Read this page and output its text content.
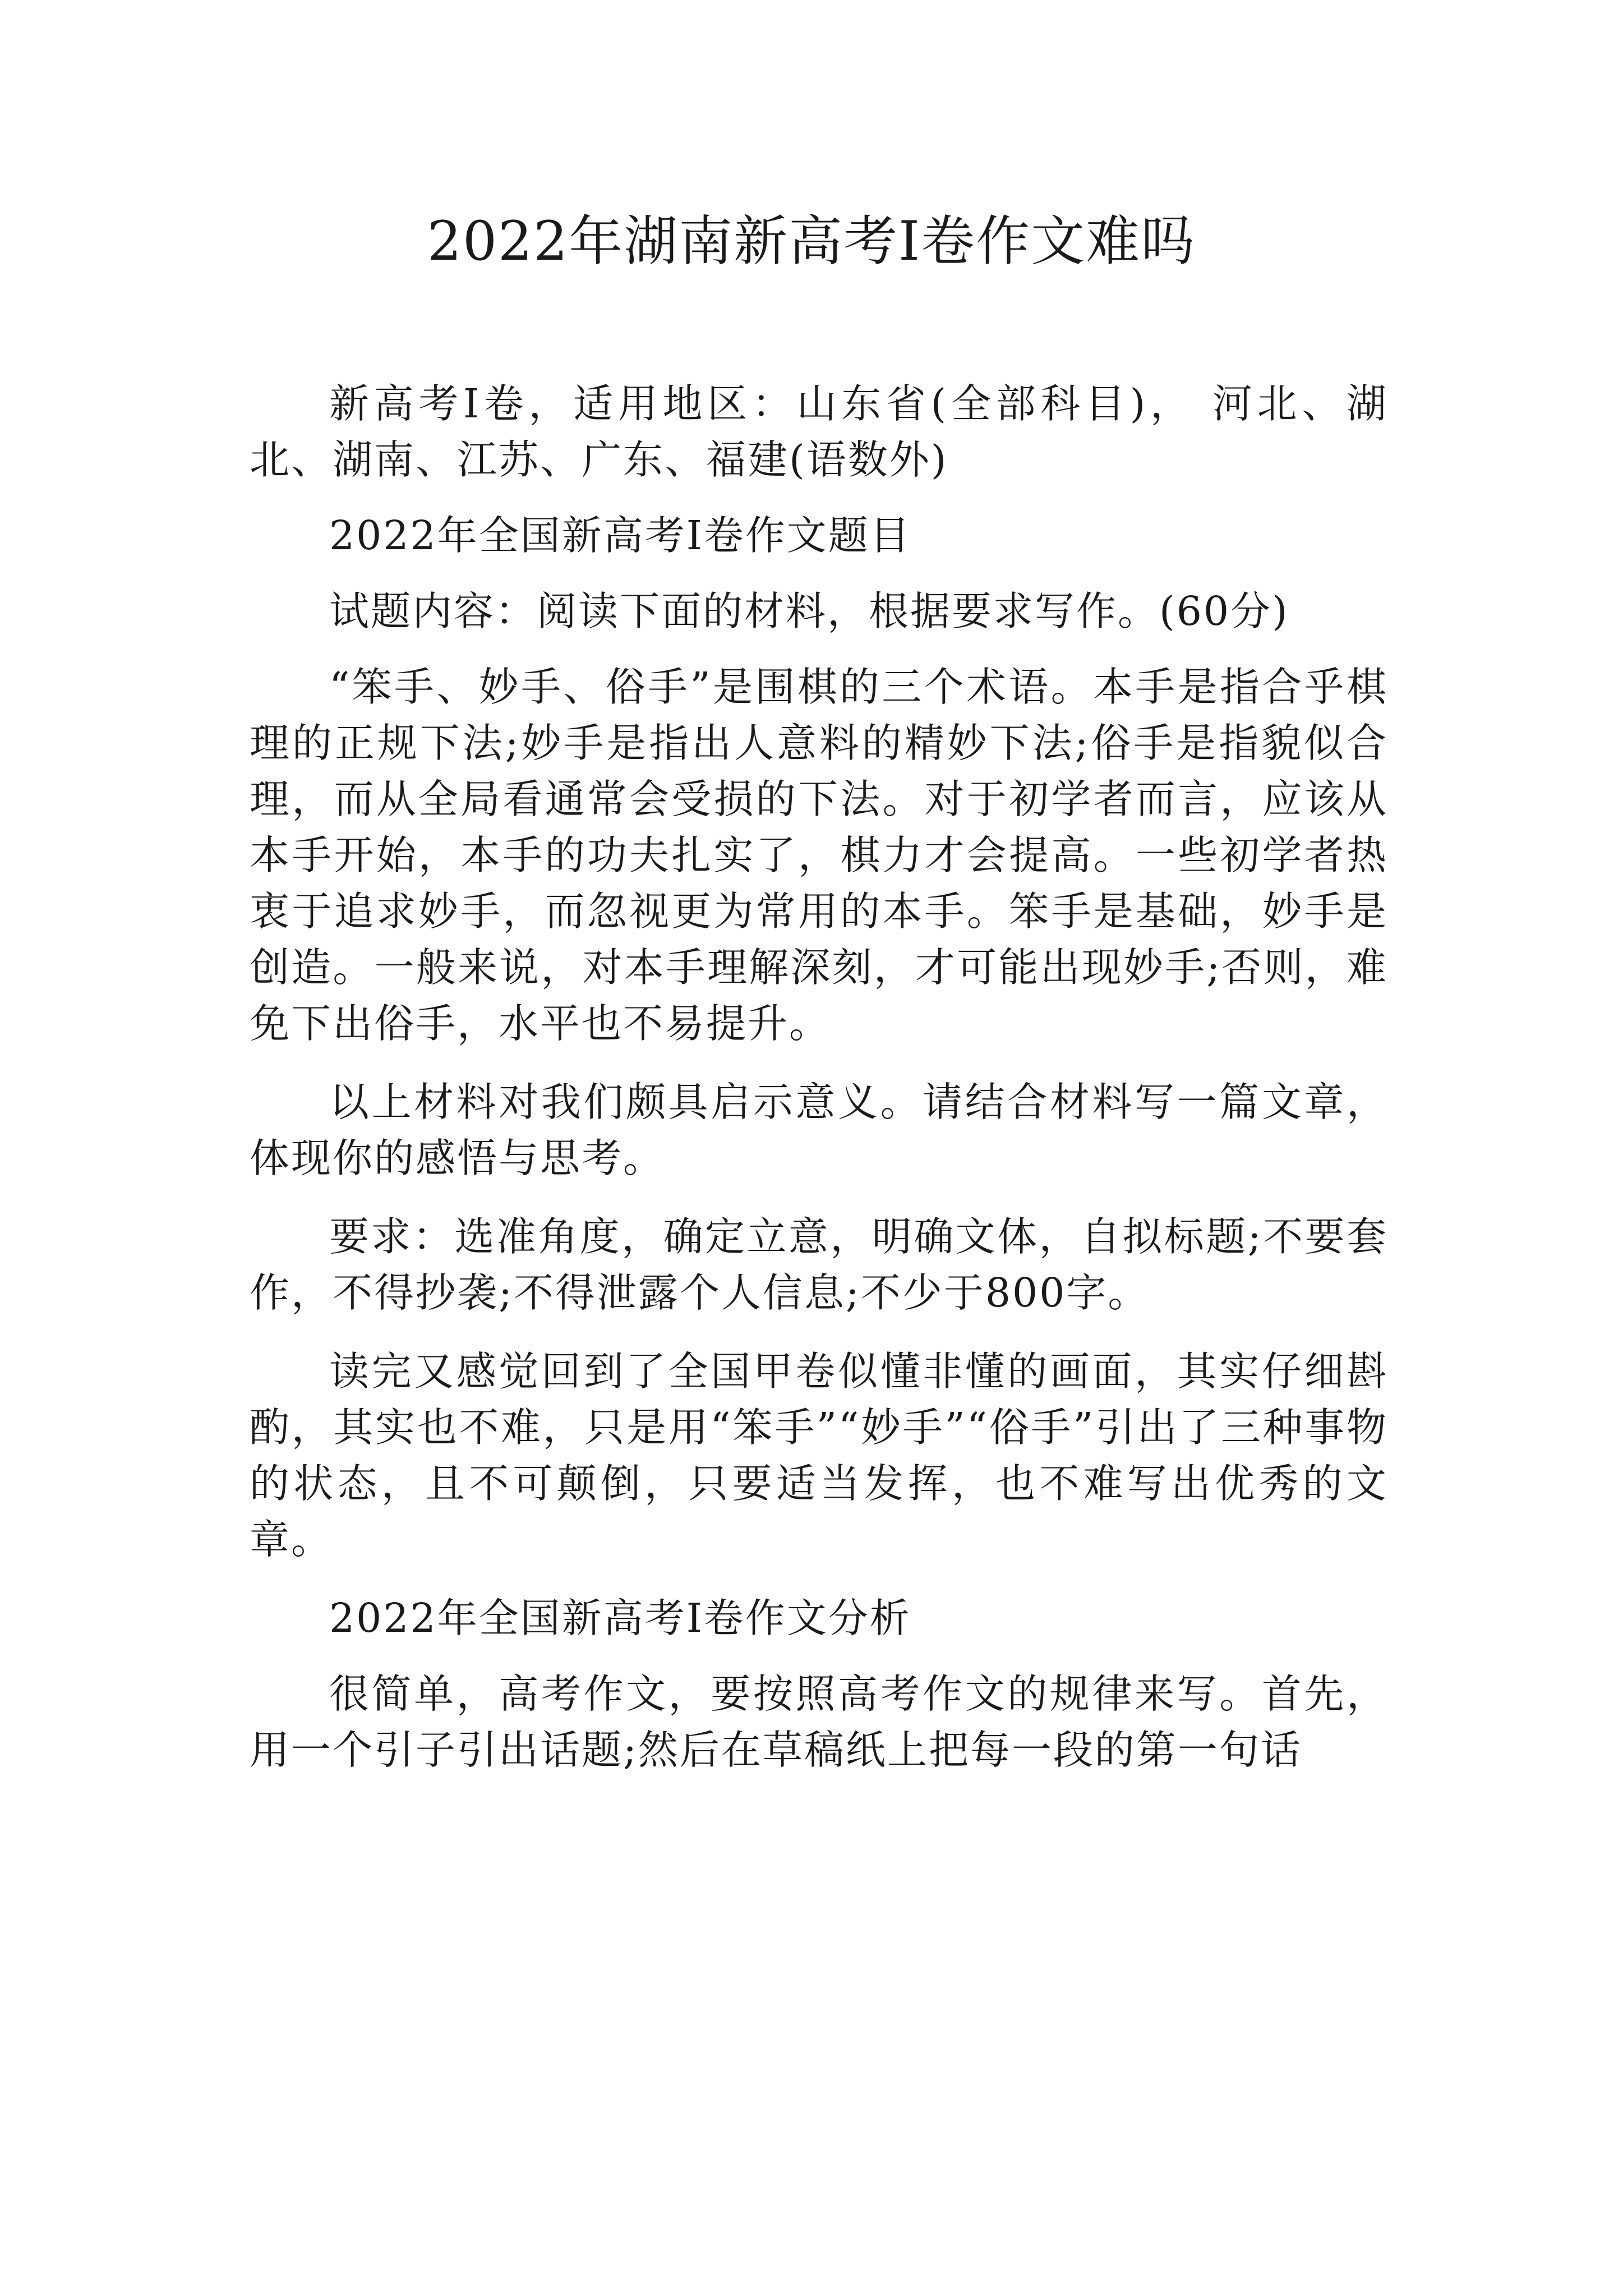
2022年湖南新高考Ⅰ卷作文难吗

新高考Ⅰ卷，适用地区：山东省(全部科目)， 河北、湖北、湖南、江苏、广东、福建(语数外)

2022年全国新高考Ⅰ卷作文题目

试题内容：阅读下面的材料，根据要求写作。(60分)

“笨手、妙手、俗手”是围棋的三个术语。本手是指合乎棋理的正规下法;妙手是指出人意料的精妙下法;俗手是指貌似合理，而从全局看通常会受损的下法。对于初学者而言，应该从本手开始，本手的功夫扎实了，棋力才会提高。一些初学者热衷于追求妙手，而忽视更为常用的本手。笨手是基础，妙手是创造。一般来说，对本手理解深刻，才可能出现妙手;否则，难免下出俗手，水平也不易提升。

以上材料对我们颇具启示意义。请结合材料写一篇文章，体现你的感悟与思考。

要求：选准角度，确定立意，明确文体，自拟标题;不要套作，不得抄袭;不得泄露个人信息;不少于800字。

读完又感觉回到了全国甲卷似懂非懂的画面，其实仔细斟酌，其实也不难，只是用“笨手”“妙手”“俗手”引出了三种事物的状态，且不可颠倒，只要适当发挥，也不难写出优秀的文章。

2022年全国新高考Ⅰ卷作文分析

很简单，高考作文，要按照高考作文的规律来写。首先，用一个引子引出话题;然后在草稿纸上把每一段的第一句话
